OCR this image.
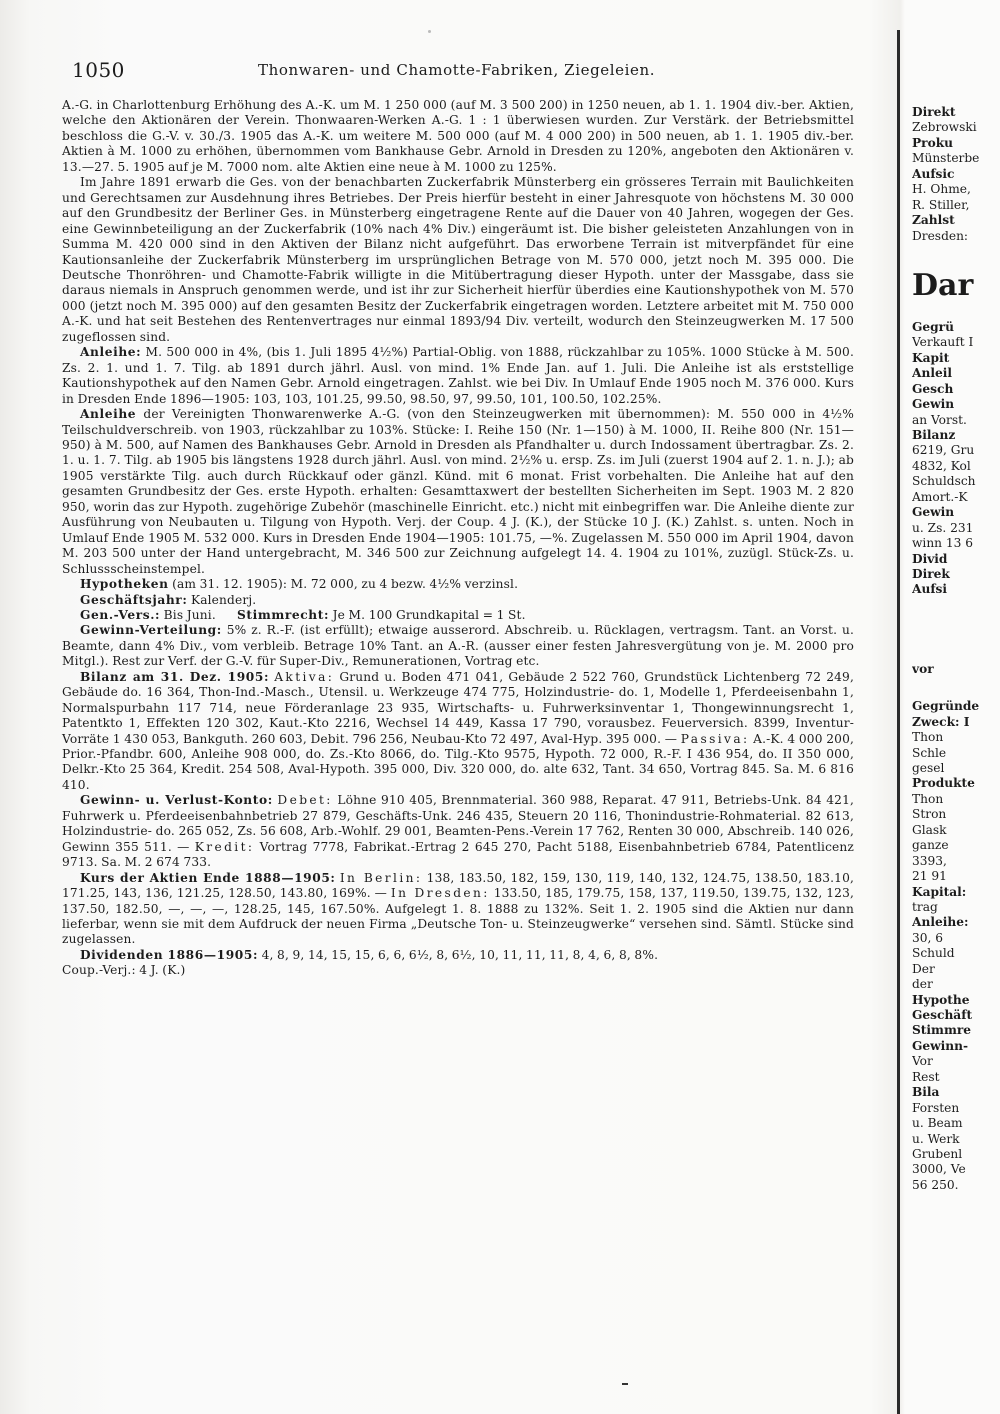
1050	Thonwaren- und Chamotte-Fabriken, Ziegeleien.

A.-G. in Charlottenburg Erhöhung des A.-K. um M. 1 250 000 (auf M. 3 500 200) in 1250 neuen, ab 1. 1. 1904 div.-ber. Aktien, welche den Aktionären der Verein. Thonwaaren-Werken A.-G. 1 : 1 überwiesen wurden. Zur Verstärk. der Betriebsmittel beschloss die G.-V. v. 30./3. 1905 das A.-K. um weitere M. 500 000 (auf M. 4 000 200) in 500 neuen, ab 1. 1. 1905 div.-ber. Aktien à M. 1000 zu erhöhen, übernommen vom Bankhause Gebr. Arnold in Dresden zu 120%, angeboten den Aktionären v. 13.—27. 5. 1905 auf je M. 7000 nom. alte Aktien eine neue à M. 1000 zu 125%.

Im Jahre 1891 erwarb die Ges. von der benachbarten Zuckerfabrik Münsterberg ein grösseres Terrain mit Baulichkeiten und Gerechtsamen zur Ausdehnung ihres Betriebes. Der Preis hierfür besteht in einer Jahresquote von höchstens M. 30 000 auf den Grundbesitz der Berliner Ges. in Münsterberg eingetragene Rente auf die Dauer von 40 Jahren, wogegen der Ges. eine Gewinnbeteiligung an der Zuckerfabrik (10% nach 4% Div.) eingeräumt ist. Die bisher geleisteten Anzahlungen von in Summa M. 420 000 sind in den Aktiven der Bilanz nicht aufgeführt. Das erworbene Terrain ist mitverpfändet für eine Kautionsanleihe der Zuckerfabrik Münsterberg im ursprünglichen Betrage von M. 570 000, jetzt noch M. 395 000. Die Deutsche Thonröhren- und Chamotte-Fabrik willigte in die Mitübertragung dieser Hypoth. unter der Massgabe, dass sie daraus niemals in Anspruch genommen werde, und ist ihr zur Sicherheit hierfür überdies eine Kautionshypothek von M. 570 000 (jetzt noch M. 395 000) auf den gesamten Besitz der Zuckerfabrik eingetragen worden. Letztere arbeitet mit M. 750 000 A.-K. und hat seit Bestehen des Rentenvertrages nur einmal 1893/94 Div. verteilt, wodurch den Steinzeugwerken M. 17 500 zugeflossen sind.

Anleihe: M. 500 000 in 4%, (bis 1. Juli 1895 4½%) Partial-Oblig. von 1888, rückzahlbar zu 105%. 1000 Stücke à M. 500. Zs. 2. 1. und 1. 7. Tilg. ab 1891 durch jährl. Ausl. von mind. 1% Ende Jan. auf 1. Juli. Die Anleihe ist als erststellige Kautionshypothek auf den Namen Gebr. Arnold eingetragen. Zahlst. wie bei Div. In Umlauf Ende 1905 noch M. 376 000. Kurs in Dresden Ende 1896—1905: 103, 103, 101.25, 99.50, 98.50, 97, 99.50, 101, 100.50, 102.25%.

Anleihe der Vereinigten Thonwarenwerke A.-G. (von den Steinzeugwerken mit übernommen): M. 550 000 in 4½% Teilschuldverschreib. von 1903, rückzahlbar zu 103%. Stücke: I. Reihe 150 (Nr. 1—150) à M. 1000, II. Reihe 800 (Nr. 151—950) à M. 500, auf Namen des Bankhauses Gebr. Arnold in Dresden als Pfandhalter u. durch Indossament übertragbar. Zs. 2. 1. u. 1. 7. Tilg. ab 1905 bis längstens 1928 durch jährl. Ausl. von mind. 2½% u. ersp. Zs. im Juli (zuerst 1904 auf 2. 1. n. J.); ab 1905 verstärkte Tilg. auch durch Rückkauf oder gänzl. Künd. mit 6 monat. Frist vorbehalten. Die Anleihe hat auf den gesamten Grundbesitz der Ges. erste Hypoth. erhalten: Gesamttaxwert der bestellten Sicherheiten im Sept. 1903 M. 2 820 950, worin das zur Hypoth. zugehörige Zubehör (maschinelle Einricht. etc.) nicht mit einbegriffen war. Die Anleihe diente zur Ausführung von Neubauten u. Tilgung von Hypoth. Verj. der Coup. 4 J. (K.), der Stücke 10 J. (K.) Zahlst. s. unten. Noch in Umlauf Ende 1905 M. 532 000. Kurs in Dresden Ende 1904—1905: 101.75, —%. Zugelassen M. 550 000 im April 1904, davon M. 203 500 unter der Hand untergebracht, M. 346 500 zur Zeichnung aufgelegt 14. 4. 1904 zu 101%, zuzügl. Stück-Zs. u. Schlussscheinstempel.

Hypotheken (am 31. 12. 1905): M. 72 000, zu 4 bezw. 4½% verzinsl.

Geschäftsjahr: Kalenderj.

Gen.-Vers.: Bis Juni. Stimmrecht: Je M. 100 Grundkapital = 1 St.

Gewinn-Verteilung: 5% z. R.-F. (ist erfüllt); etwaige ausserord. Abschreib. u. Rücklagen, vertragsm. Tant. an Vorst. u. Beamte, dann 4% Div., vom verbleib. Betrage 10% Tant. an A.-R. (ausser einer festen Jahresvergütung von je. M. 2000 pro Mitgl.). Rest zur Verf. der G.-V. für Super-Div., Remunerationen, Vortrag etc.

Bilanz am 31. Dez. 1905: Aktiva: Grund u. Boden 471 041, Gebäude 2 522 760, Grundstück Lichtenberg 72 249, Gebäude do. 16 364, Thon-Ind.-Masch., Utensil. u. Werkzeuge 474 775, Holzindustrie- do. 1, Modelle 1, Pferdeeisenbahn 1, Normalspurbahn 117 714, neue Förderanlage 23 935, Wirtschafts- u. Fuhrwerksinventar 1, Thongewinnungsrecht 1, Patentkto 1, Effekten 120 302, Kaut.-Kto 2216, Wechsel 14 449, Kassa 17 790, vorausbez. Feuerversich. 8399, Inventur-Vorräte 1 430 053, Bankguth. 260 603, Debit. 796 256, Neubau-Kto 72 497, Aval-Hyp. 395 000. — Passiva: A.-K. 4 000 200, Prior.-Pfandbr. 600, Anleihe 908 000, do. Zs.-Kto 8066, do. Tilg.-Kto 9575, Hypoth. 72 000, R.-F. I 436 954, do. II 350 000, Delkr.-Kto 25 364, Kredit. 254 508, Aval-Hypoth. 395 000, Div. 320 000, do. alte 632, Tant. 34 650, Vortrag 845. Sa. M. 6 816 410.

Gewinn- u. Verlust-Konto: Debet: Löhne 910 405, Brennmaterial. 360 988, Reparat. 47 911, Betriebs-Unk. 84 421, Fuhrwerk u. Pferdeeisenbahnbetrieb 27 879, Geschäfts-Unk. 246 435, Steuern 20 116, Thonindustrie-Rohmaterial. 82 613, Holzindustrie- do. 265 052, Zs. 56 608, Arb.-Wohlf. 29 001, Beamten-Pens.-Verein 17 762, Renten 30 000, Abschreib. 140 026, Gewinn 355 511. — Kredit: Vortrag 7778, Fabrikat.-Ertrag 2 645 270, Pacht 5188, Eisenbahnbetrieb 6784, Patentlicenz 9713. Sa. M. 2 674 733.

Kurs der Aktien Ende 1888—1905: In Berlin: 138, 183.50, 182, 159, 130, 119, 140, 132, 124.75, 138.50, 183.10, 171.25, 143, 136, 121.25, 128.50, 143.80, 169%. — In Dresden: 133.50, 185, 179.75, 158, 137, 119.50, 139.75, 132, 123, 137.50, 182.50, —, —, —, 128.25, 145, 167.50%. Aufgelegt 1. 8. 1888 zu 132%. Seit 1. 2. 1905 sind die Aktien nur dann lieferbar, wenn sie mit dem Aufdruck der neuen Firma „Deutsche Ton- u. Steinzeugwerke“ versehen sind. Sämtl. Stücke sind zugelassen.

Dividenden 1886—1905: 4, 8, 9, 14, 15, 15, 6, 6, 6½, 8, 6½, 10, 11, 11, 11, 8, 4, 6, 8, 8%.

Coup.-Verj.: 4 J. (K.)

Direkt
Zebrowski
Proku
Münsterbe
Aufsic
H. Ohme,
R. Stiller,
Zahlst
Dresden:
Dar
Gegrü
Verkauft I
Kapit
Anleil
Gesch
Gewin
an Vorst.
Bilanz
6219, Gru
4832, Kol
Schuldsch
Amort.-K
Gewin
u. Zs. 231
winn 13 6
Divid
Direk
Aufsi
vor
Gegründe
Zweck: I
Thon
Schle
gesel
Produkte
Thon
Stron
Glask
ganze
3393,
21 91
Kapital:
trag
Anleihe:
30, 6
Schuld
Der
der
Hypothe
Geschäft
Stimmre
Gewinn-
Vor
Rest
Bila
Forsten
u. Beam
u. Werk
Grubenl
3000, Ve
56 250.
